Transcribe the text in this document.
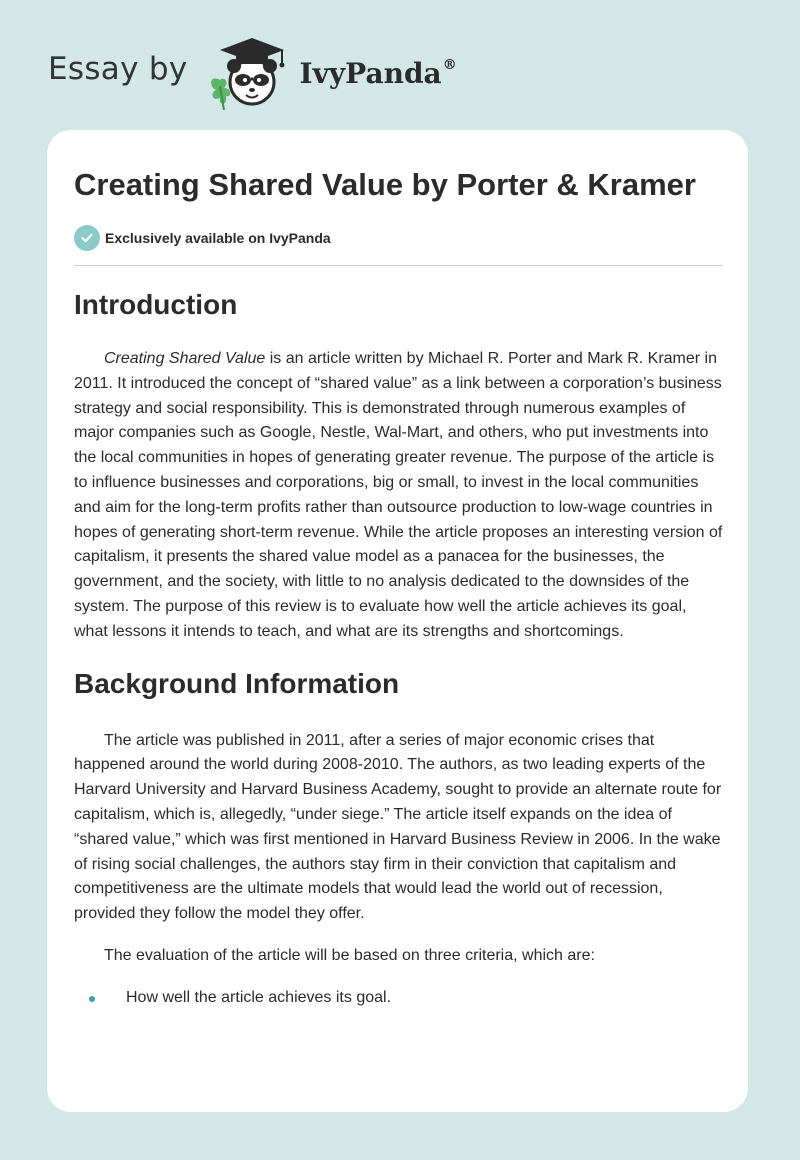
Essay by	IvyPanda®
Creating Shared Value by Porter & Kramer
Exclusively available on IvyPanda
Introduction

Creating Shared Value is an article written by Michael R. Porter and Mark R. Kramer in 2011. It introduced the concept of “shared value” as a link between a corporation’s business strategy and social responsibility. This is demonstrated through numerous examples of major companies such as Google, Nestle, Wal-Mart, and others, who put investments into the local communities in hopes of generating greater revenue. The purpose of the article is to influence businesses and corporations, big or small, to invest in the local communities and aim for the long-term profits rather than outsource production to low-wage countries in hopes of generating short-term revenue. While the article proposes an interesting version of capitalism, it presents the shared value model as a panacea for the businesses, the government, and the society, with little to no analysis dedicated to the downsides of the system. The purpose of this review is to evaluate how well the article achieves its goal, what lessons it intends to teach, and what are its strengths and shortcomings.

Background Information

The article was published in 2011, after a series of major economic crises that happened around the world during 2008-2010. The authors, as two leading experts of the Harvard University and Harvard Business Academy, sought to provide an alternate route for capitalism, which is, allegedly, “under siege.” The article itself expands on the idea of “shared value,” which was first mentioned in Harvard Business Review in 2006. In the wake of rising social challenges, the authors stay firm in their conviction that capitalism and competitiveness are the ultimate models that would lead the world out of recession, provided they follow the model they offer.

The evaluation of the article will be based on three criteria, which are:

How well the article achieves its goal.
